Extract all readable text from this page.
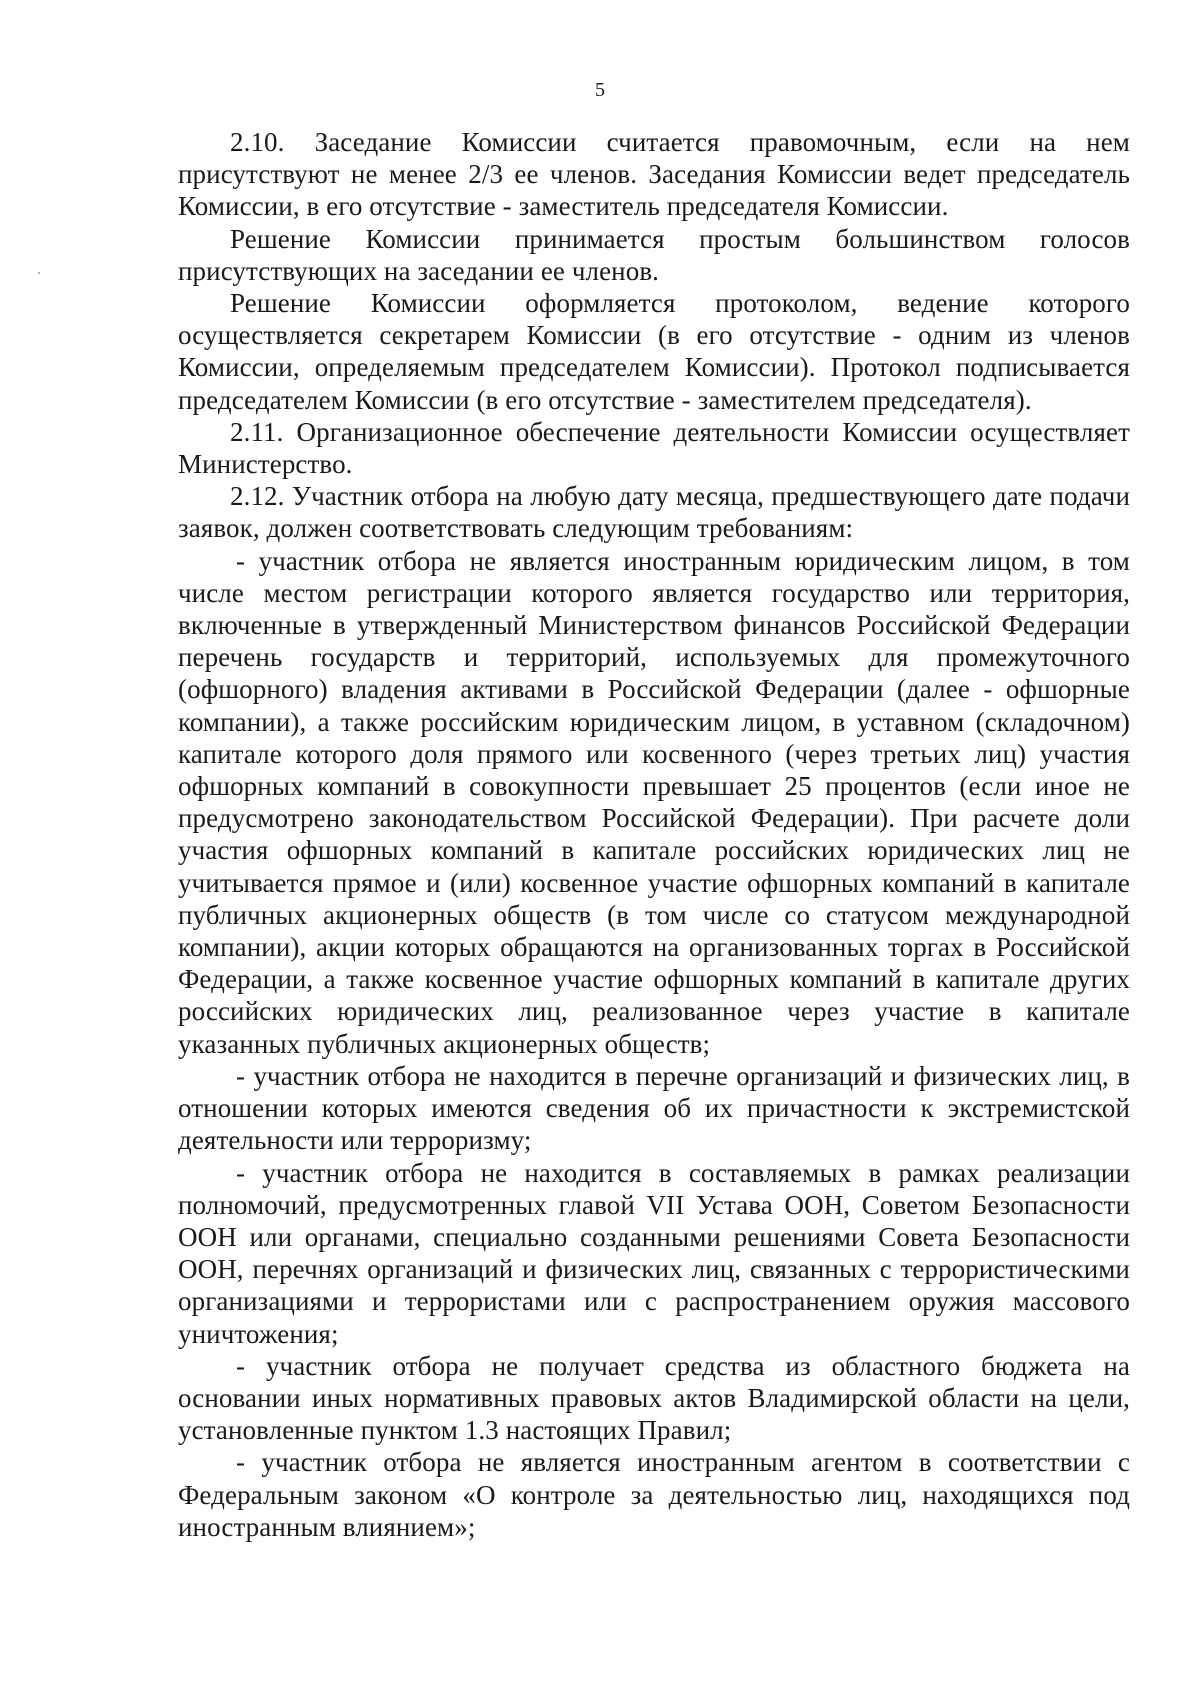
5

2.10. Заседание Комиссии считается правомочным, если на нем присутствуют не менее 2/3 ее членов. Заседания Комиссии ведет председатель Комиссии, в его отсутствие - заместитель председателя Комиссии.

Решение Комиссии принимается простым большинством голосов присутствующих на заседании ее членов.

Решение Комиссии оформляется протоколом, ведение которого осуществляется секретарем Комиссии (в его отсутствие - одним из членов Комиссии, определяемым председателем Комиссии). Протокол подписывается председателем Комиссии (в его отсутствие - заместителем председателя).

2.11. Организационное обеспечение деятельности Комиссии осуществляет Министерство.

2.12. Участник отбора на любую дату месяца, предшествующего дате подачи заявок, должен соответствовать следующим требованиям:

- участник отбора не является иностранным юридическим лицом, в том числе местом регистрации которого является государство или территория, включенные в утвержденный Министерством финансов Российской Федерации перечень государств и территорий, используемых для промежуточного (офшорного) владения активами в Российской Федерации (далее - офшорные компании), а также российским юридическим лицом, в уставном (складочном) капитале которого доля прямого или косвенного (через третьих лиц) участия офшорных компаний в совокупности превышает 25 процентов (если иное не предусмотрено законодательством Российской Федерации). При расчете доли участия офшорных компаний в капитале российских юридических лиц не учитывается прямое и (или) косвенное участие офшорных компаний в капитале публичных акционерных обществ (в том числе со статусом международной компании), акции которых обращаются на организованных торгах в Российской Федерации, а также косвенное участие офшорных компаний в капитале других российских юридических лиц, реализованное через участие в капитале указанных публичных акционерных обществ;

- участник отбора не находится в перечне организаций и физических лиц, в отношении которых имеются сведения об их причастности к экстремистской деятельности или терроризму;

- участник отбора не находится в составляемых в рамках реализации полномочий, предусмотренных главой VII Устава ООН, Советом Безопасности ООН или органами, специально созданными решениями Совета Безопасности ООН, перечнях организаций и физических лиц, связанных с террористическими организациями и террористами или с распространением оружия массового уничтожения;

- участник отбора не получает средства из областного бюджета на основании иных нормативных правовых актов Владимирской области на цели, установленные пунктом 1.3 настоящих Правил;

- участник отбора не является иностранным агентом в соответствии с Федеральным законом «О контроле за деятельностью лиц, находящихся под иностранным влиянием»;
